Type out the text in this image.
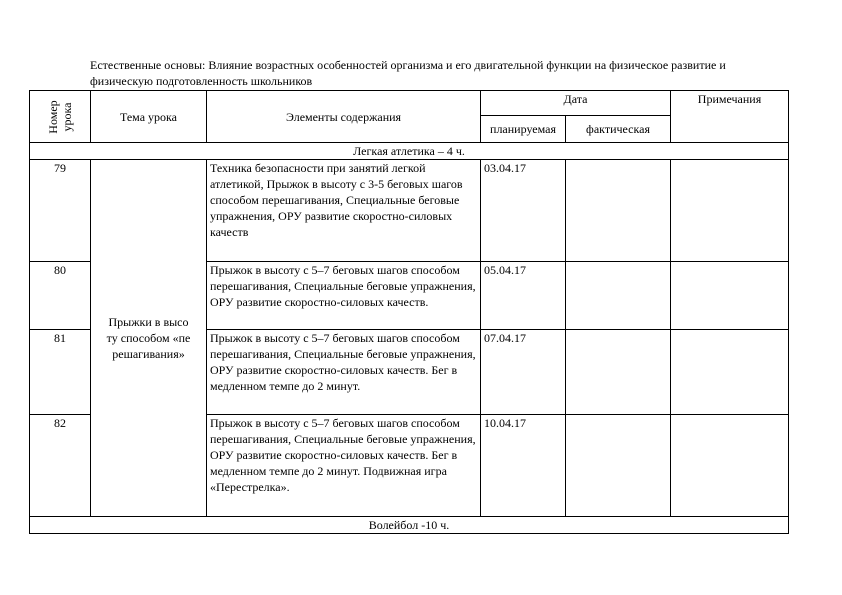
Естественные основы: Влияние возрастных особенностей организма и его двигательной функции на физическое развитие и физическую подготовленность школьников
Номер урока	Тема урока	Элементы содержания	Дата		Примечания
			планируемая	фактическая	
Легкая атлетика – 4 ч.					
79	Прыжки в высоту способом «перешагивания»	Техника безопасности при занятий легкой атлетикой, Прыжок в высоту с 3-5 беговых шагов способом перешагивания, Специальные беговые упражнения, ОРУ развитие скоростно-силовых качеств	03.04.17		
80		Прыжок в высоту с 5–7 беговых шагов способом перешагивания, Специальные беговые упражнения, ОРУ развитие скоростно-силовых качеств.	05.04.17		
81		Прыжок в высоту с 5–7 беговых шагов способом перешагивания, Специальные беговые упражнения, ОРУ развитие скоростно-силовых качеств. Бег в медленном темпе до 2 минут.	07.04.17		
82		Прыжок в высоту с 5–7 беговых шагов способом перешагивания, Специальные беговые упражнения, ОРУ развитие скоростно-силовых качеств. Бег в медленном темпе до 2 минут. Подвижная игра «Перестрелка».	10.04.17		
Волейбол -10 ч.					
